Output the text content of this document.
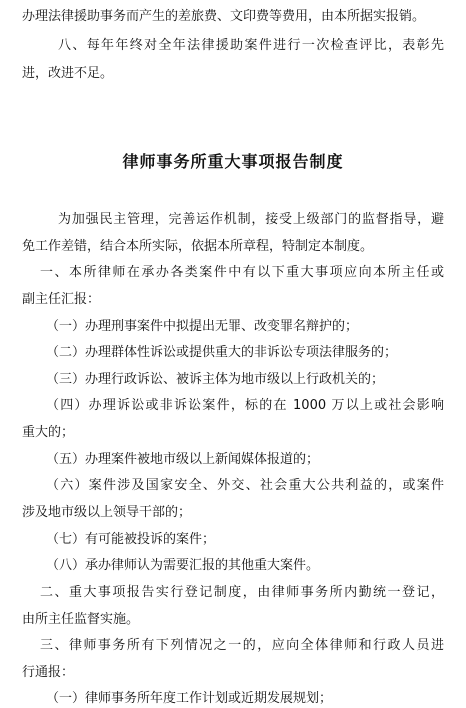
办理法律援助事务而产生的差旅费、文印费等费用，由本所据实报销。

八、每年年终对全年法律援助案件进行一次检查评比，表彰先

进，改进不足。

律师事务所重大事项报告制度

为加强民主管理，完善运作机制，接受上级部门的监督指导，避

免工作差错，结合本所实际，依据本所章程，特制定本制度。

一、本所律师在承办各类案件中有以下重大事项应向本所主任或

副主任汇报：

（一）办理刑事案件中拟提出无罪、改变罪名辩护的；

（二）办理群体性诉讼或提供重大的非诉讼专项法律服务的；

（三）办理行政诉讼、被诉主体为地市级以上行政机关的；

（四）办理诉讼或非诉讼案件，标的在 1000 万以上或社会影响

重大的；

（五）办理案件被地市级以上新闻媒体报道的；

（六）案件涉及国家安全、外交、社会重大公共利益的，或案件

涉及地市级以上领导干部的；

（七）有可能被投诉的案件；

（八）承办律师认为需要汇报的其他重大案件。

二、重大事项报告实行登记制度，由律师事务所内勤统一登记，

由所主任监督实施。

三、律师事务所有下列情况之一的，应向全体律师和行政人员进

行通报：

（一）律师事务所年度工作计划或近期发展规划；
